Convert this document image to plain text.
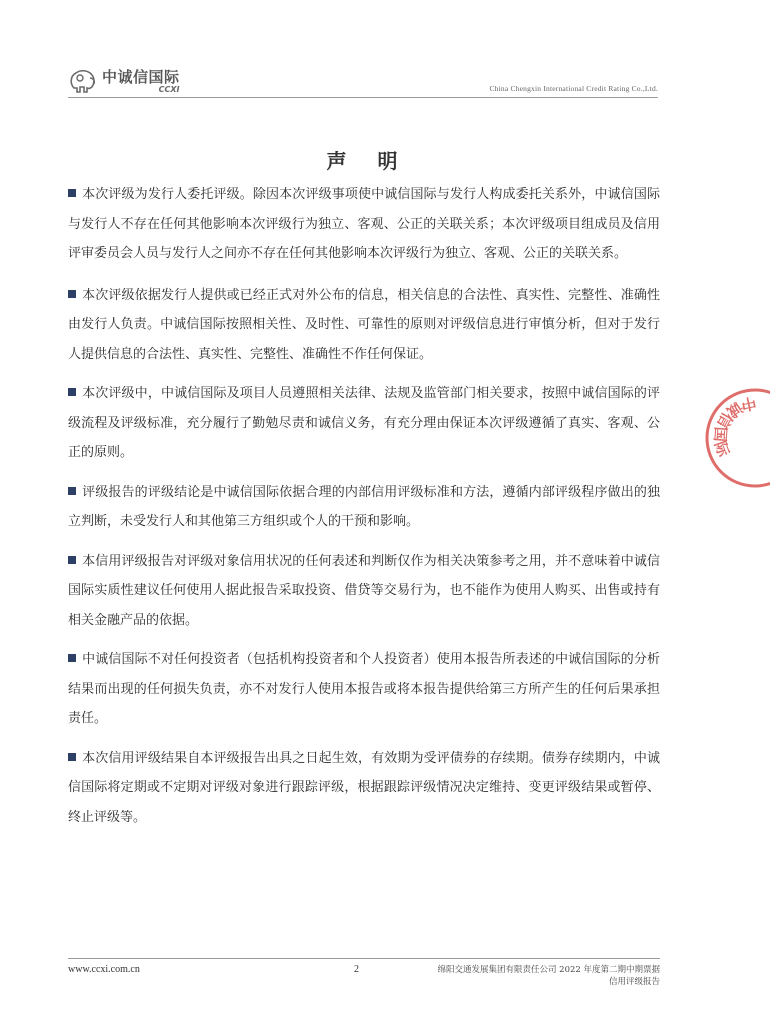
中诚信国际
CCXI	China Chengxin International Credit Rating Co.,Ltd.
声 明

本次评级为发行人委托评级。除因本次评级事项使中诚信国际与发行人构成委托关系外，中诚信国际与发行人不存在任何其他影响本次评级行为独立、客观、公正的关联关系；本次评级项目组成员及信用评审委员会人员与发行人之间亦不存在任何其他影响本次评级行为独立、客观、公正的关联关系。

本次评级依据发行人提供或已经正式对外公布的信息，相关信息的合法性、真实性、完整性、准确性由发行人负责。中诚信国际按照相关性、及时性、可靠性的原则对评级信息进行审慎分析，但对于发行人提供信息的合法性、真实性、完整性、准确性不作任何保证。

本次评级中，中诚信国际及项目人员遵照相关法律、法规及监管部门相关要求，按照中诚信国际的评级流程及评级标准，充分履行了勤勉尽责和诚信义务，有充分理由保证本次评级遵循了真实、客观、公正的原则。

评级报告的评级结论是中诚信国际依据合理的内部信用评级标准和方法，遵循内部评级程序做出的独立判断，未受发行人和其他第三方组织或个人的干预和影响。

本信用评级报告对评级对象信用状况的任何表述和判断仅作为相关决策参考之用，并不意味着中诚信国际实质性建议任何使用人据此报告采取投资、借贷等交易行为，也不能作为使用人购买、出售或持有相关金融产品的依据。

中诚信国际不对任何投资者（包括机构投资者和个人投资者）使用本报告所表述的中诚信国际的分析结果而出现的任何损失负责，亦不对发行人使用本报告或将本报告提供给第三方所产生的任何后果承担责任。

本次信用评级结果自本评级报告出具之日起生效，有效期为受评债券的存续期。债券存续期内，中诚信国际将定期或不定期对评级对象进行跟踪评级，根据跟踪评级情况决定维持、变更评级结果或暂停、终止评级等。

中诚信国际
www.ccxi.com.cn	2	绵阳交通发展集团有限责任公司 2022 年度第二期中期票据
信用评级报告
